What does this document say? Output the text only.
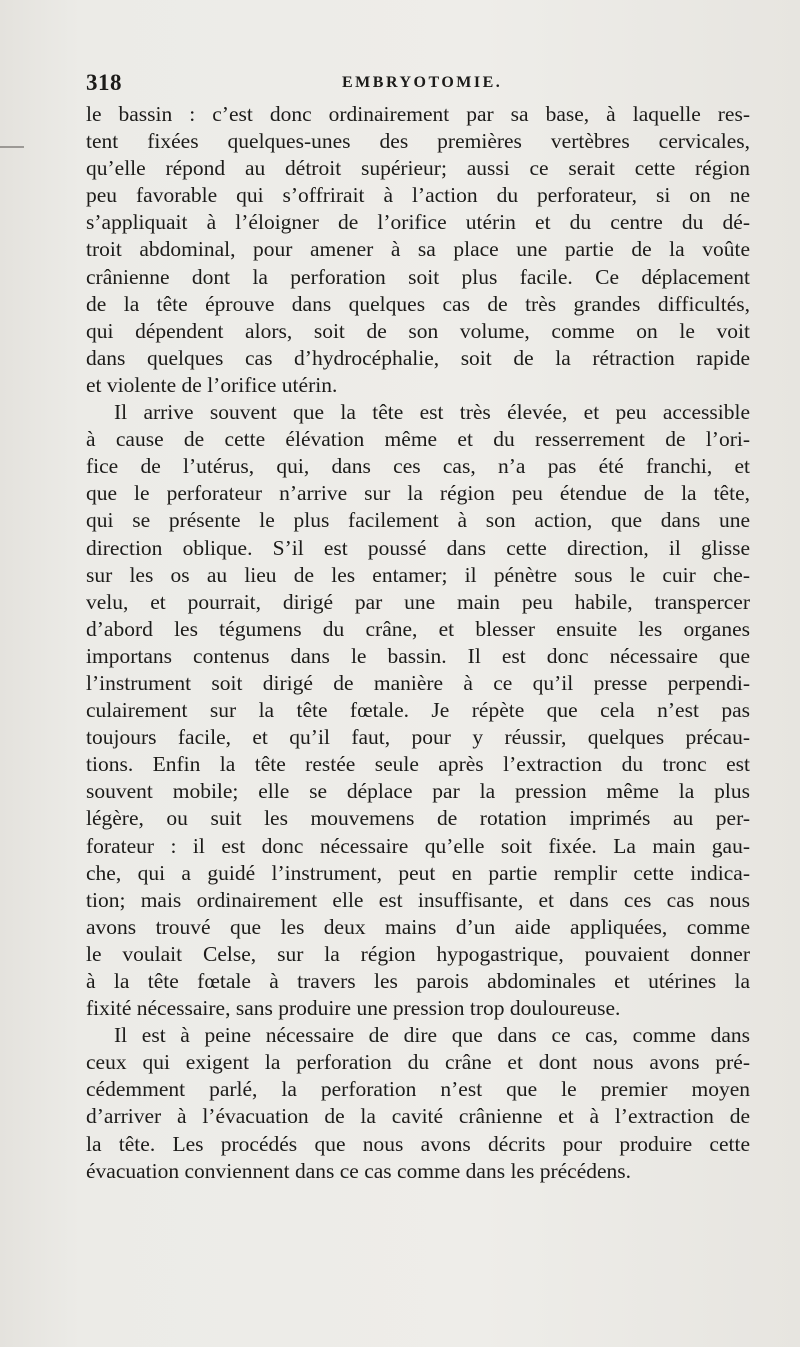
318	EMBRYOTOMIE.
le bassin : c’est donc ordinairement par sa base, à laquelle res-
tent fixées quelques-unes des premières vertèbres cervicales,
qu’elle répond au détroit supérieur; aussi ce serait cette région
peu favorable qui s’offrirait à l’action du perforateur, si on ne
s’appliquait à l’éloigner de l’orifice utérin et du centre du dé-
troit abdominal, pour amener à sa place une partie de la voûte
crânienne dont la perforation soit plus facile. Ce déplacement
de la tête éprouve dans quelques cas de très grandes difficultés,
qui dépendent alors, soit de son volume, comme on le voit
dans quelques cas d’hydrocéphalie, soit de la rétraction rapide
et violente de l’orifice utérin.
Il arrive souvent que la tête est très élevée, et peu accessible
à cause de cette élévation même et du resserrement de l’ori-
fice de l’utérus, qui, dans ces cas, n’a pas été franchi, et
que le perforateur n’arrive sur la région peu étendue de la tête,
qui se présente le plus facilement à son action, que dans une
direction oblique. S’il est poussé dans cette direction, il glisse
sur les os au lieu de les entamer; il pénètre sous le cuir che-
velu, et pourrait, dirigé par une main peu habile, transpercer
d’abord les tégumens du crâne, et blesser ensuite les organes
importans contenus dans le bassin. Il est donc nécessaire que
l’instrument soit dirigé de manière à ce qu’il presse perpendi-
culairement sur la tête fœtale. Je répète que cela n’est pas
toujours facile, et qu’il faut, pour y réussir, quelques précau-
tions. Enfin la tête restée seule après l’extraction du tronc est
souvent mobile; elle se déplace par la pression même la plus
légère, ou suit les mouvemens de rotation imprimés au per-
forateur : il est donc nécessaire qu’elle soit fixée. La main gau-
che, qui a guidé l’instrument, peut en partie remplir cette indica-
tion; mais ordinairement elle est insuffisante, et dans ces cas nous
avons trouvé que les deux mains d’un aide appliquées, comme
le voulait Celse, sur la région hypogastrique, pouvaient donner
à la tête fœtale à travers les parois abdominales et utérines la
fixité nécessaire, sans produire une pression trop douloureuse.
Il est à peine nécessaire de dire que dans ce cas, comme dans
ceux qui exigent la perforation du crâne et dont nous avons pré-
cédemment parlé, la perforation n’est que le premier moyen
d’arriver à l’évacuation de la cavité crânienne et à l’extraction de
la tête. Les procédés que nous avons décrits pour produire cette
évacuation conviennent dans ce cas comme dans les précédens.
